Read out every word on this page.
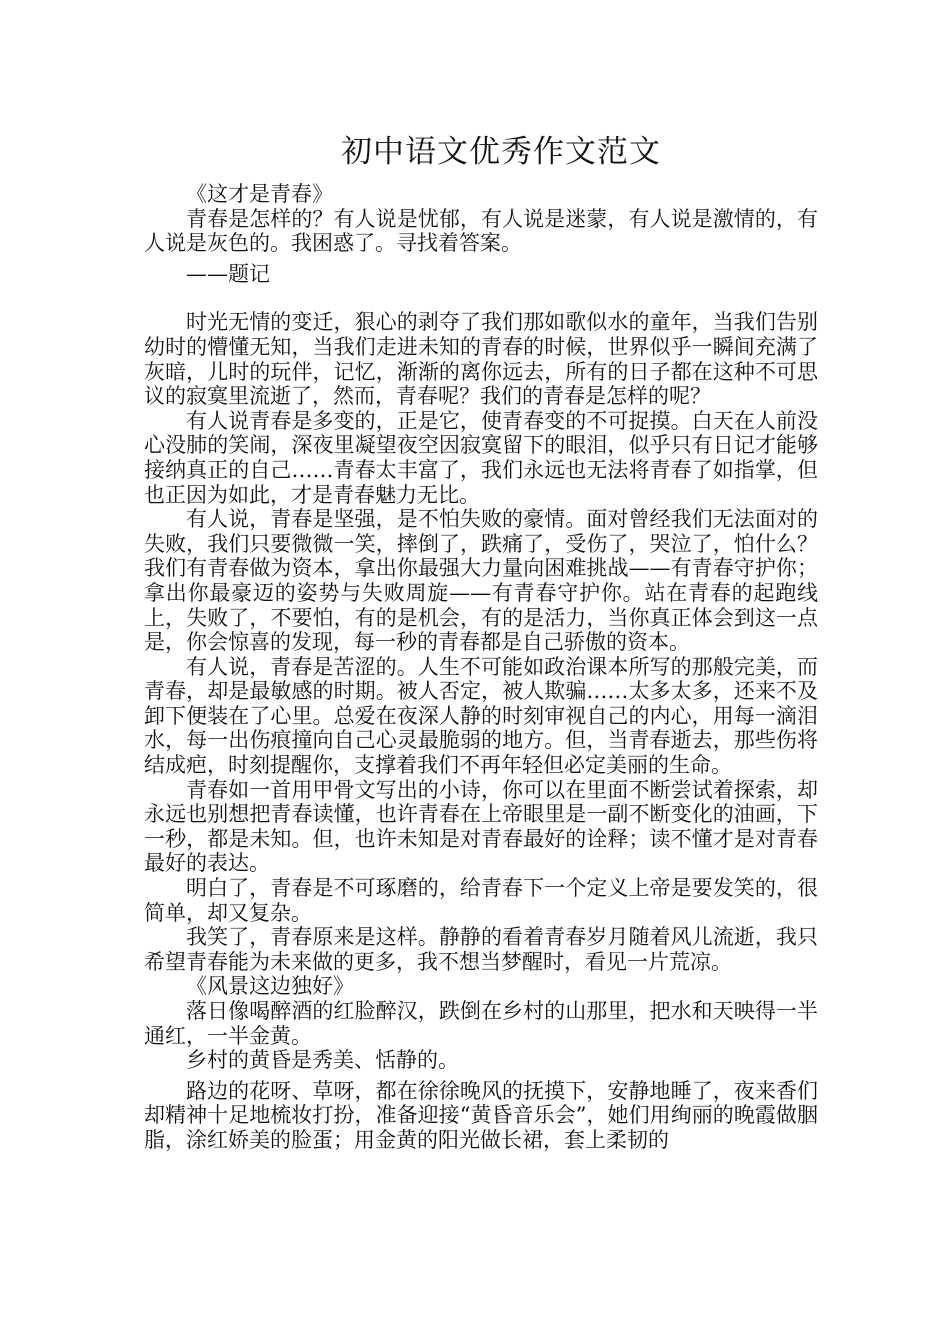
初中语文优秀作文范文

《这才是青春》

青春是怎样的？有人说是忧郁，有人说是迷蒙，有人说是激情的，有人说是灰色的。我困惑了。寻找着答案。

——题记

时光无情的变迁，狠心的剥夺了我们那如歌似水的童年，当我们告别幼时的懵懂无知，当我们走进未知的青春的时候，世界似乎一瞬间充满了灰暗，儿时的玩伴，记忆，渐渐的离你远去，所有的日子都在这种不可思议的寂寞里流逝了，然而，青春呢？我们的青春是怎样的呢？

有人说青春是多变的，正是它，使青春变的不可捉摸。白天在人前没心没肺的笑闹，深夜里凝望夜空因寂寞留下的眼泪，似乎只有日记才能够接纳真正的自己……青春太丰富了，我们永远也无法将青春了如指掌，但也正因为如此，才是青春魅力无比。

有人说，青春是坚强，是不怕失败的豪情。面对曾经我们无法面对的失败，我们只要微微一笑，摔倒了，跌痛了，受伤了，哭泣了，怕什么？我们有青春做为资本，拿出你最强大力量向困难挑战——有青春守护你；拿出你最豪迈的姿势与失败周旋——有青春守护你。站在青春的起跑线上，失败了，不要怕，有的是机会，有的是活力，当你真正体会到这一点是，你会惊喜的发现，每一秒的青春都是自己骄傲的资本。

有人说，青春是苦涩的。人生不可能如政治课本所写的那般完美，而青春，却是最敏感的时期。被人否定，被人欺骗……太多太多，还来不及卸下便装在了心里。总爱在夜深人静的时刻审视自己的内心，用每一滴泪水，每一出伤痕撞向自己心灵最脆弱的地方。但，当青春逝去，那些伤将结成疤，时刻提醒你，支撑着我们不再年轻但必定美丽的生命。

青春如一首用甲骨文写出的小诗，你可以在里面不断尝试着探索，却永远也别想把青春读懂，也许青春在上帝眼里是一副不断变化的油画，下一秒，都是未知。但，也许未知是对青春最好的诠释；读不懂才是对青春最好的表达。

明白了，青春是不可琢磨的，给青春下一个定义上帝是要发笑的，很简单，却又复杂。

我笑了，青春原来是这样。静静的看着青春岁月随着风儿流逝，我只希望青春能为未来做的更多，我不想当梦醒时，看见一片荒凉。

《风景这边独好》

落日像喝醉酒的红脸醉汉，跌倒在乡村的山那里，把水和天映得一半通红，一半金黄。

乡村的黄昏是秀美、恬静的。

路边的花呀、草呀，都在徐徐晚风的抚摸下，安静地睡了，夜来香们却精神十足地梳妆打扮，准备迎接“黄昏音乐会”，她们用绚丽的晚霞做胭脂，涂红娇美的脸蛋；用金黄的阳光做长裙，套上柔韧的
